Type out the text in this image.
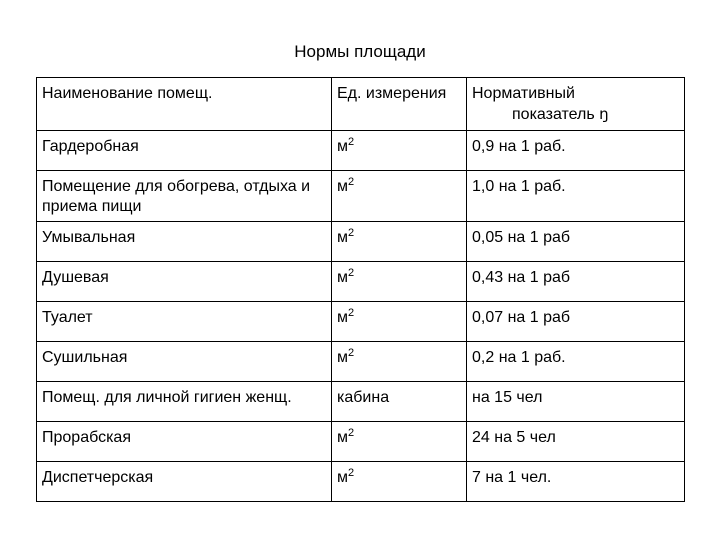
Нормы площади
Наименование помещ.	Ед. измерения	Нормативный
показатель ŋ

Гардеробная	$м^2$	0,9 на 1 раб.
Помещение для обогрева, отдыха и приема пищи	$м^2$	1,0 на 1 раб.
Умывальная	$м^2$	0,05 на 1 раб
Душевая	$м^2$	0,43 на 1 раб
Туалет	$м^2$	0,07 на 1 раб
Сушильная	$м^2$	0,2 на 1 раб.
Помещ. для личной гигиен женщ.	кабина	на 15 чел
Прорабская	$м^2$	24 на 5 чел
Диспетчерская	$м^2$	7 на 1 чел.
